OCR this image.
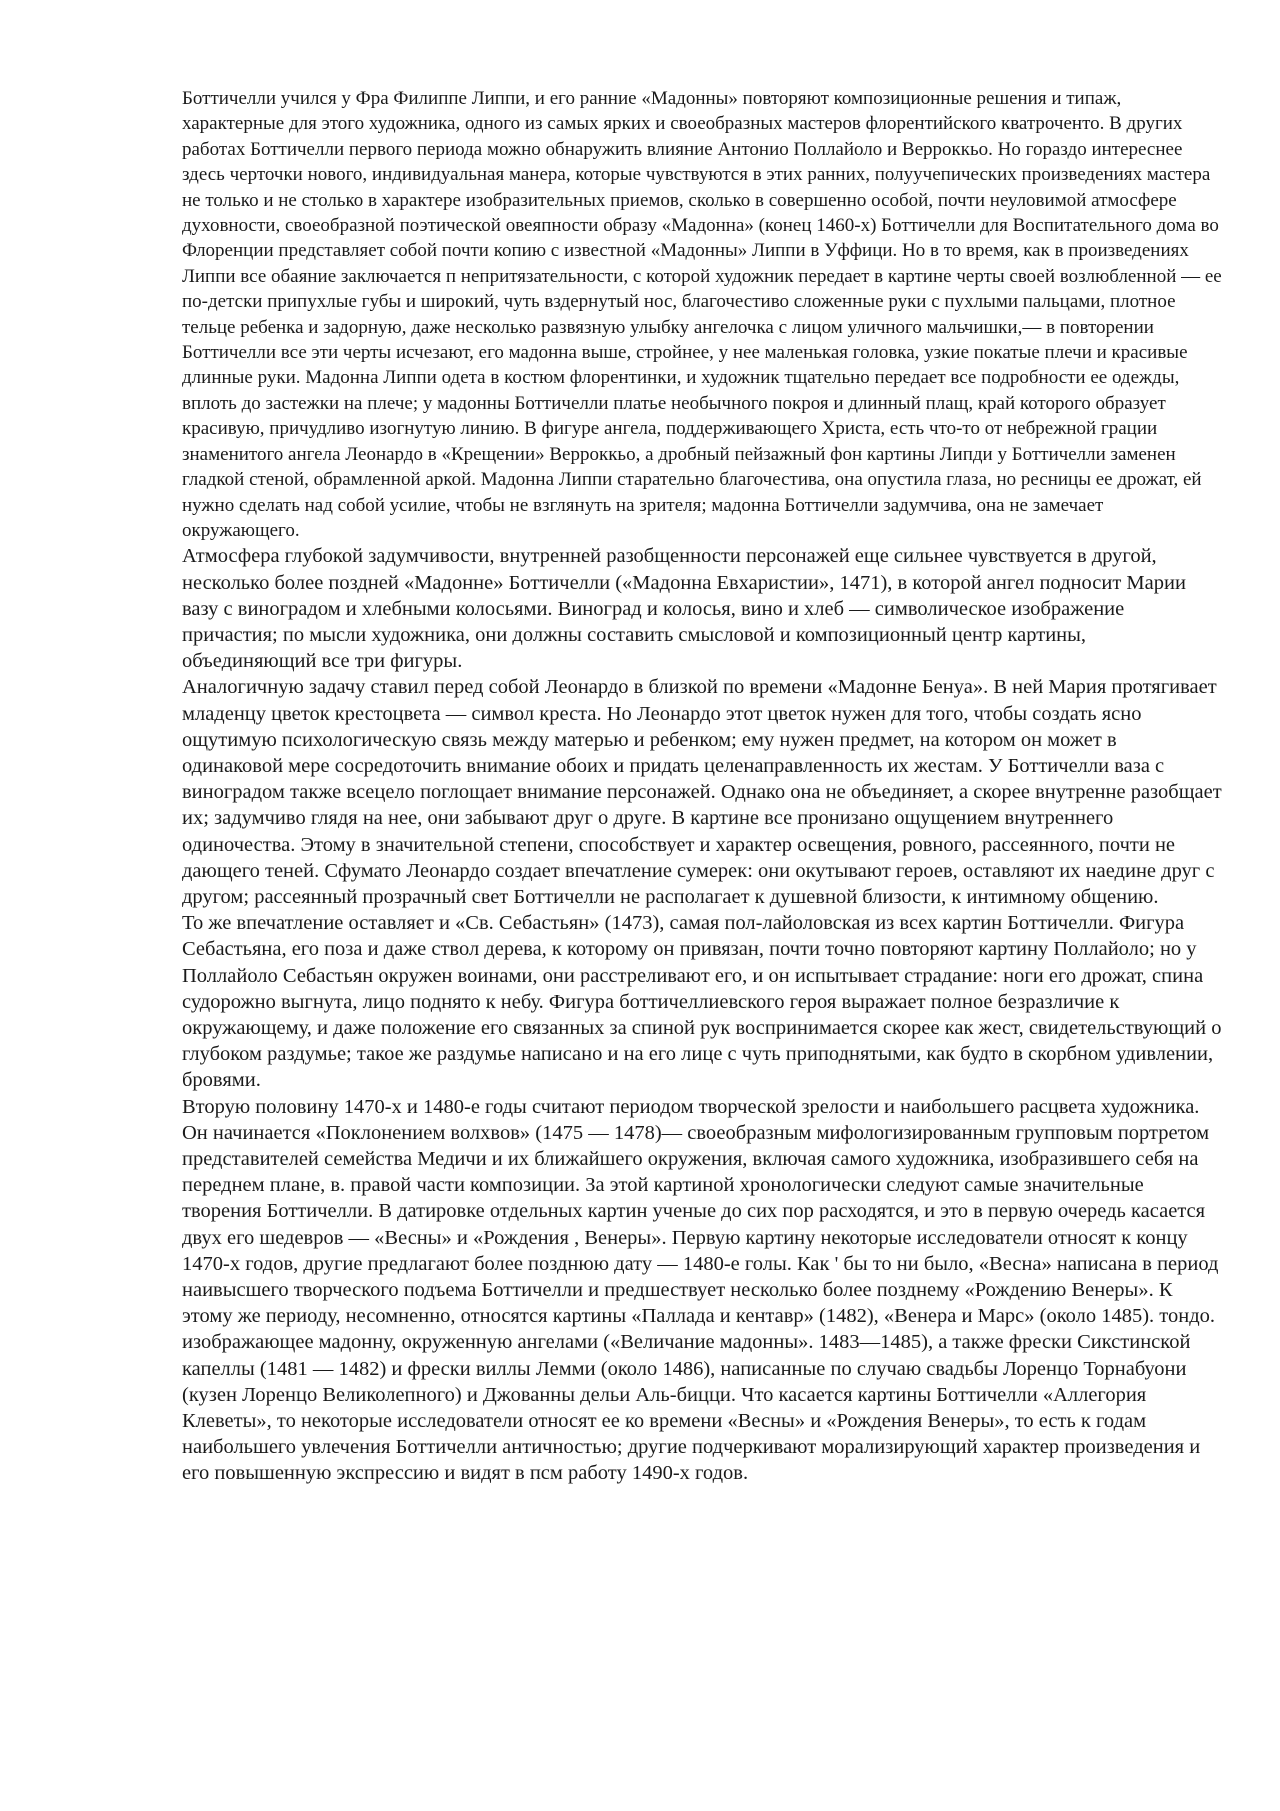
Боттичелли учился у Фра Филиппе Липпи, и его ранние «Мадонны» повторяют композиционные решения и типаж, характерные для этого художника, одного из самых ярких и своеобразных мастеров флорентийского кватроченто. В других работах Боттичелли первого периода можно обнаружить влияние Антонио Поллайоло и Верроккьо. Но гораздо интереснее здесь черточки нового, индивидуальная манера, которые чувствуются в этих ранних, полуучепических произведениях мастера не только и не столько в характере изобразительных приемов, сколько в совершенно особой, почти неуловимой атмосфере духовности, своеобразной поэтической овеяпности образу «Мадонна» (конец 1460-х) Боттичелли для Воспитательного дома во Флоренции представляет собой почти копию с известной «Мадонны» Липпи в Уффици. Но в то время, как в произведениях Липпи все обаяние заключается п непритязательности, с которой художник передает в картине черты своей возлюбленной — ее по-детски припухлые губы и широкий, чуть вздернутый нос, благочестиво сложенные руки с пухлыми пальцами, плотное тельце ребенка и задорную, даже несколько развязную улыбку ангелочка с лицом уличного мальчишки,— в повторении Боттичелли все эти черты исчезают, его мадонна выше, стройнее, у нее маленькая головка, узкие покатые плечи и красивые длинные руки. Мадонна Липпи одета в костюм флорентинки, и художник тщательно передает все подробности ее одежды, вплоть до застежки на плече; у мадонны Боттичелли платье необычного покроя и длинный плащ, край которого образует красивую, причудливо изогнутую линию. В фигуре ангела, поддерживающего Христа, есть что-то от небрежной грации знаменитого ангела Леонардо в «Крещении» Верроккьо, а дробный пейзажный фон картины Липди у Боттичелли заменен гладкой стеной, обрамленной аркой. Мадонна Липпи старательно благочестива, она опустила глаза, но ресницы ее дрожат, ей нужно сделать над собой усилие, чтобы не взглянуть на зрителя; мадонна Боттичелли задумчива, она не замечает окружающего.

Атмосфера глубокой задумчивости, внутренней разобщенности персонажей еще сильнее чувствуется в другой, несколько более поздней «Мадонне» Боттичелли («Мадонна Евхаристии», 1471), в которой ангел подносит Марии вазу с виноградом и хлебными колосьями. Виноград и колосья, вино и хлеб — символическое изображение причастия; по мысли художника, они должны составить смысловой и композиционный центр картины, объединяющий все три фигуры.

Аналогичную задачу ставил перед собой Леонардо в близкой по времени «Мадонне Бенуа». В ней Мария протягивает младенцу цветок крестоцвета — символ креста. Но Леонардо этот цветок нужен для того, чтобы создать ясно ощутимую психологическую связь между матерью и ребенком; ему нужен предмет, на котором он может в одинаковой мере сосредоточить внимание обоих и придать целенаправленность их жестам. У Боттичелли ваза с виноградом также всецело поглощает внимание персонажей. Однако она не объединяет, а скорее внутренне разобщает их; задумчиво глядя на нее, они забывают друг о друге. В картине все пронизано ощущением внутреннего одиночества. Этому в значительной степени, способствует и характер освещения, ровного, рассеянного, почти не дающего теней. Сфумато Леонардо создает впечатление сумерек: они окутывают героев, оставляют их наедине друг с другом; рассеянный прозрачный свет Боттичелли не располагает к душевной близости, к интимному общению.

То же впечатление оставляет и «Св. Себастьян» (1473), самая пол-лайоловская из всех картин Боттичелли. Фигура Себастьяна, его поза и даже ствол дерева, к которому он привязан, почти точно повторяют картину Поллайоло; но у Поллайоло Себастьян окружен воинами, они расстреливают его, и он испытывает страдание: ноги его дрожат, спина судорожно выгнута, лицо поднято к небу. Фигура боттичеллиевского героя выражает полное безразличие к окружающему, и даже положение его связанных за спиной рук воспринимается скорее как жест, свидетельствующий о глубоком раздумье; такое же раздумье написано и на его лице с чуть приподнятыми, как будто в скорбном удивлении, бровями.

Вторую половину 1470-х и 1480-е годы считают периодом творческой зрелости и наибольшего расцвета художника. Он начинается «Поклонением волхвов» (1475 — 1478)— своеобразным мифологизированным групповым портретом представителей семейства Медичи и их ближайшего окружения, включая самого художника, изобразившего себя на переднем плане, в. правой части композиции. За этой картиной хронологически следуют самые значительные творения Боттичелли. В датировке отдельных картин ученые до сих пор расходятся, и это в первую очередь касается двух его шедевров — «Весны» и «Рождения , Венеры». Первую картину некоторые исследователи относят к концу 1470-х годов, другие предлагают более позднюю дату — 1480-е голы. Как ' бы то ни было, «Весна» написана в период наивысшего творческого подъема Боттичелли и предшествует несколько более позднему «Рождению Венеры». К этому же периоду, несомненно, относятся картины «Паллада и кентавр» (1482), «Венера и Марс» (около 1485). тондо. изображающее мадонну, окруженную ангелами («Величание мадонны». 1483—1485), а также фрески Сикстинской капеллы (1481 — 1482) и фрески виллы Лемми (около 1486), написанные по случаю свадьбы Лоренцо Торнабуони (кузен Лоренцо Великолепного) и Джованны дельи Аль-бицци. Что касается картины Боттичелли «Аллегория Клеветы», то некоторые исследователи относят ее ко времени «Весны» и «Рождения Венеры», то есть к годам наибольшего увлечения Боттичелли античностью; другие подчеркивают морализирующий характер произведения и его повышенную экспрессию и видят в псм работу 1490-х годов.
